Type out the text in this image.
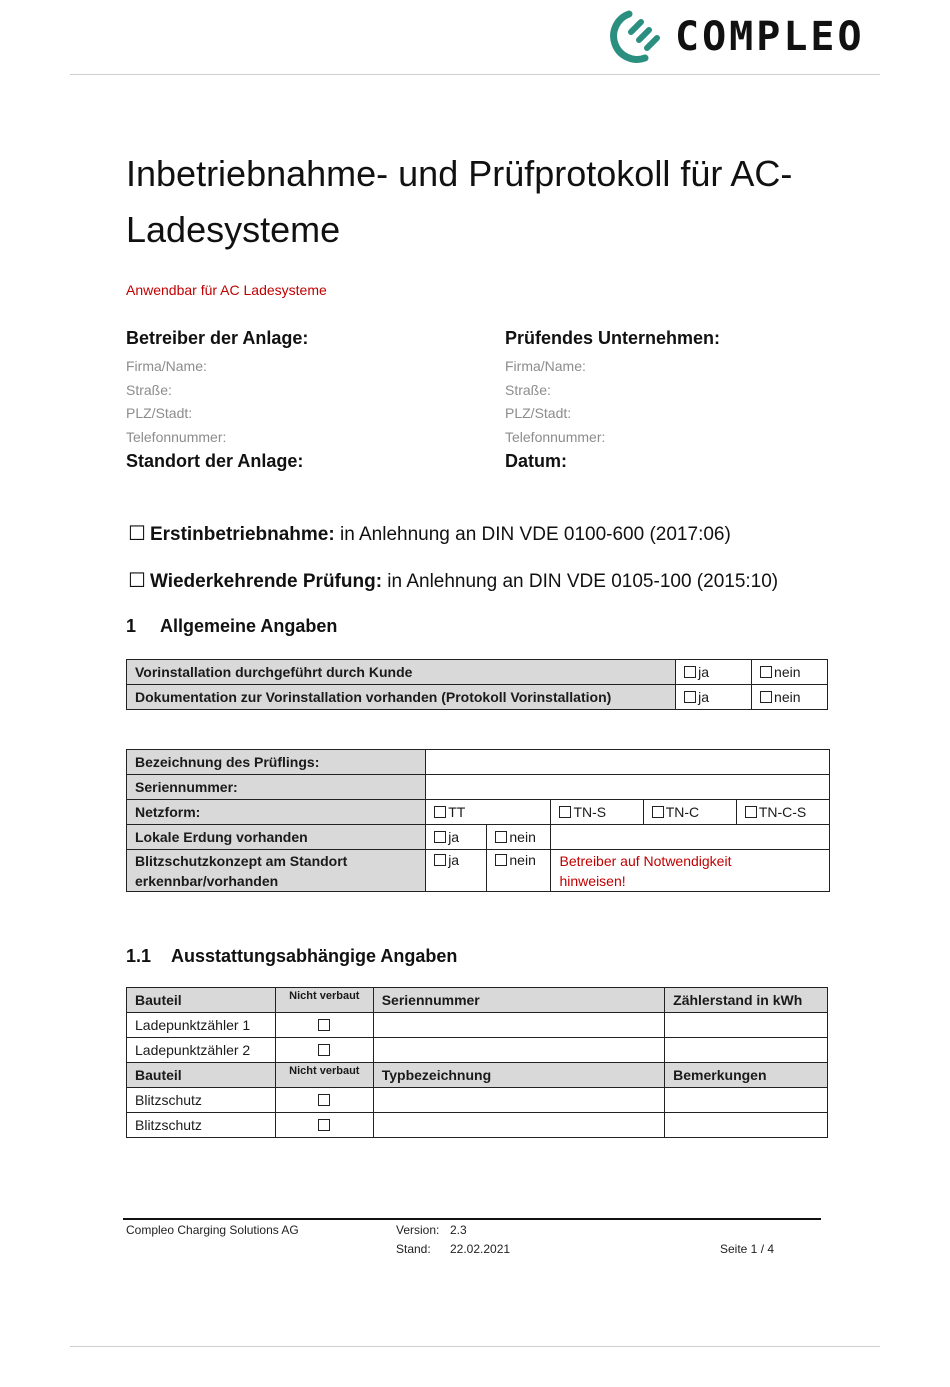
COMPLEO
Inbetriebnahme- und Prüfprotokoll für AC-Ladesysteme
Anwendbar für AC Ladesysteme
Betreiber der Anlage:
Firma/Name:
Straße:
PLZ/Stadt:
Telefonnummer:
Standort der Anlage:
Prüfendes Unternehmen:
Firma/Name:
Straße:
PLZ/Stadt:
Telefonnummer:
Datum:
☐ Erstinbetriebnahme: in Anlehnung an DIN VDE 0100-600 (2017:06)
☐ Wiederkehrende Prüfung: in Anlehnung an DIN VDE 0105-100 (2015:10)
1 Allgemeine Angaben
Vorinstallation durchgeführt durch Kunde	ja	nein
Dokumentation zur Vorinstallation vorhanden (Protokoll Vorinstallation)	ja	nein
Bezeichnung des Prüflings:					
Seriennummer:					
Netzform:	TT		TN-S	TN-C	TN-C-S
Lokale Erdung vorhanden	ja	nein			
Blitzschutzkonzept am Standort
erkennbar/vorhanden	ja	nein	Betreiber auf Notwendigkeit
hinweisen!		
1.1 Ausstattungsabhängige Angaben
Bauteil	Nicht verbaut	Seriennummer	Zählerstand in kWh
Ladepunktzähler 1			
Ladepunktzähler 2			
Bauteil	Nicht verbaut	Typbezeichnung	Bemerkungen
Blitzschutz			
Blitzschutz			
Compleo Charging Solutions AG	Version: 2.3
Stand: 22.02.2021	Seite 1 / 4
